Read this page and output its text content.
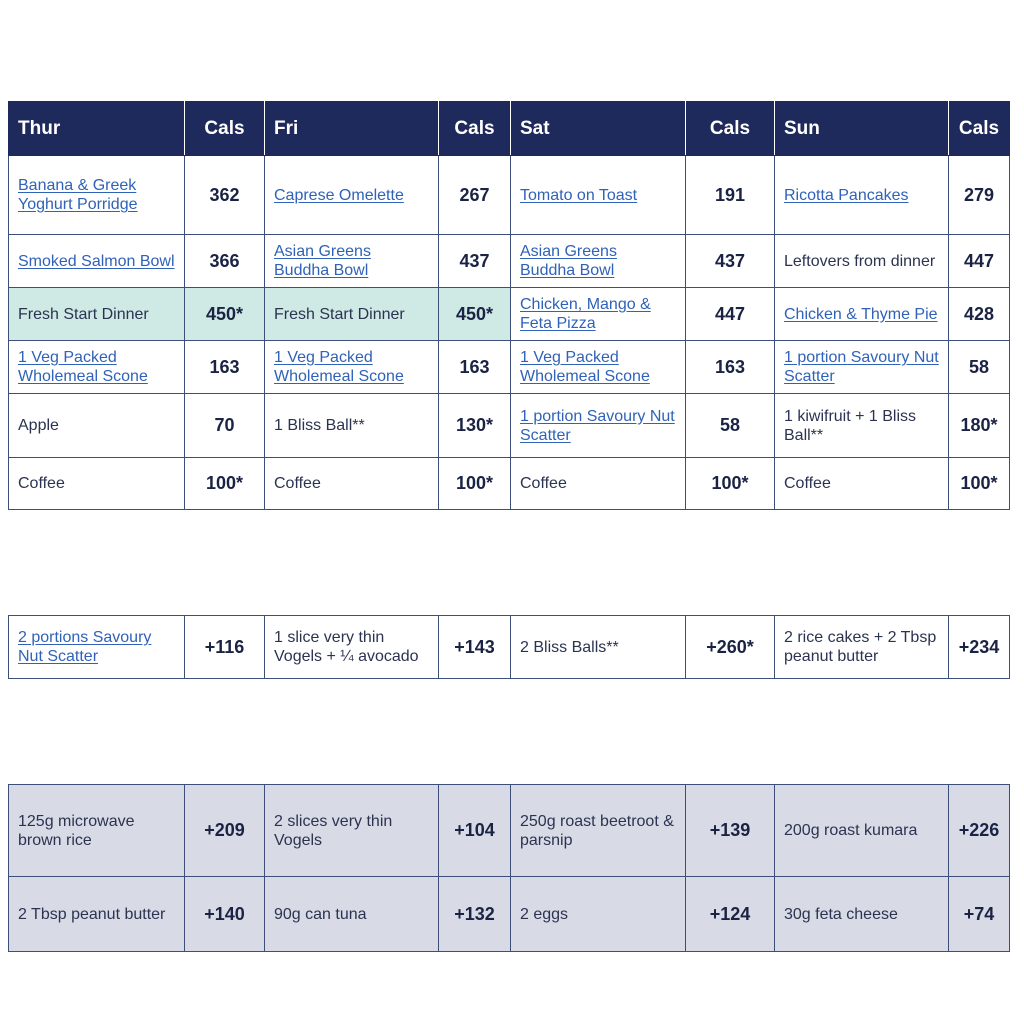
Thur	Cals	Fri	Cals	Sat	Cals	Sun	Cals
Banana & Greek Yoghurt Porridge	362	Caprese Omelette	267	Tomato on Toast	191	Ricotta Pancakes	279
Smoked Salmon Bowl	366	Asian Greens Buddha Bowl	437	Asian Greens Buddha Bowl	437	Leftovers from dinner	447
Fresh Start Dinner	450*	Fresh Start Dinner	450*	Chicken, Mango & Feta Pizza	447	Chicken & Thyme Pie	428
1 Veg Packed Wholemeal Scone	163	1 Veg Packed Wholemeal Scone	163	1 Veg Packed Wholemeal Scone	163	1 portion Savoury Nut Scatter	58
Apple	70	1 Bliss Ball**	130*	1 portion Savoury Nut Scatter	58	1 kiwifruit + 1 Bliss Ball**	180*
Coffee	100*	Coffee	100*	Coffee	100*	Coffee	100*
2 portions Savoury Nut Scatter	+116	1 slice very thin Vogels + ¼ avocado	+143	2 Bliss Balls**	+260*	2 rice cakes + 2 Tbsp peanut butter	+234
125g microwave brown rice	+209	2 slices very thin Vogels	+104	250g roast beetroot & parsnip	+139	200g roast kumara	+226
2 Tbsp peanut butter	+140	90g can tuna	+132	2 eggs	+124	30g feta cheese	+74
